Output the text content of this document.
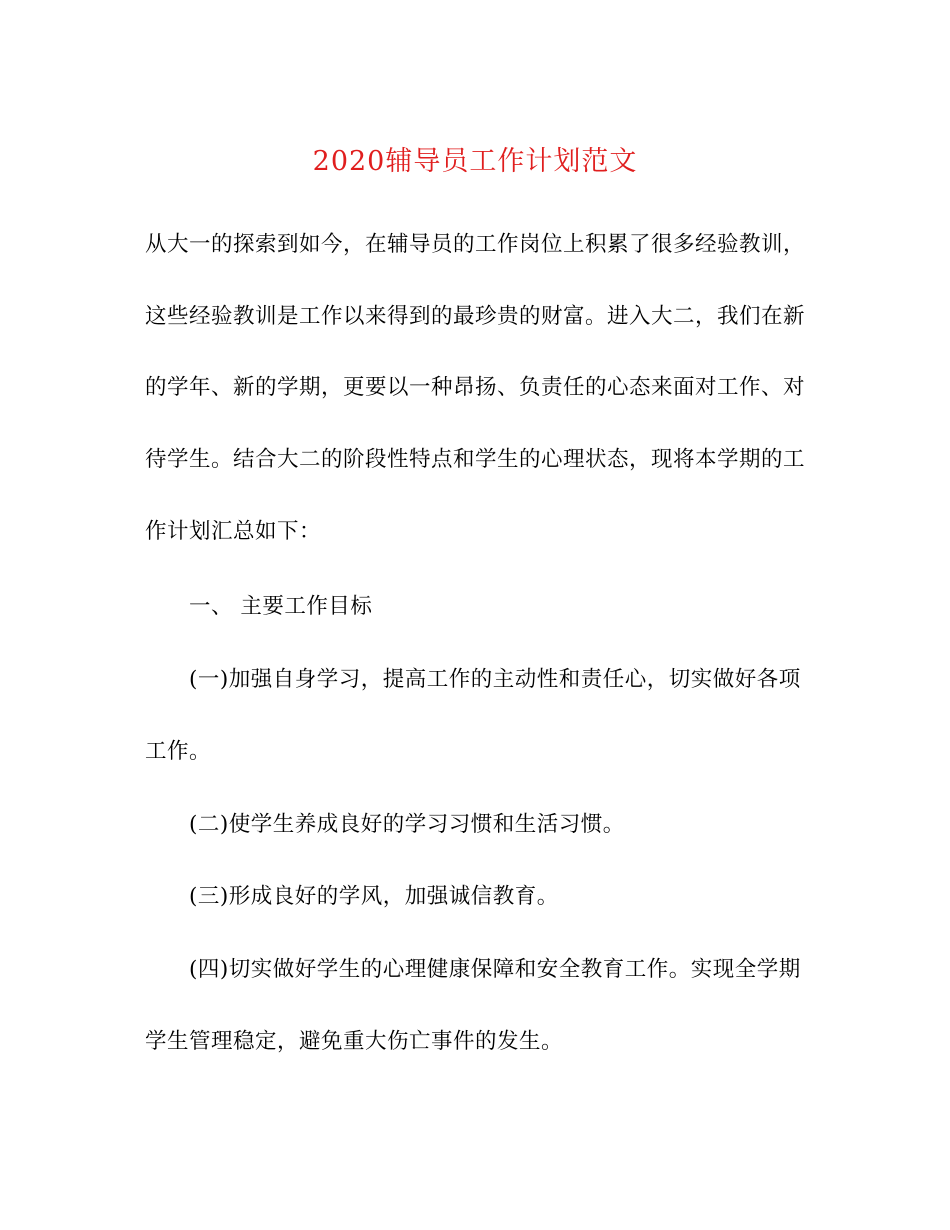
2020辅导员工作计划范文
从大一的探索到如今，在辅导员的工作岗位上积累了很多经验教训，
这些经验教训是工作以来得到的最珍贵的财富。进入大二，我们在新
的学年、新的学期，更要以一种昂扬、负责任的心态来面对工作、对
待学生。结合大二的阶段性特点和学生的心理状态，现将本学期的工
作计划汇总如下：
一、 主要工作目标
(一)加强自身学习，提高工作的主动性和责任心，切实做好各项
工作。
(二)使学生养成良好的学习习惯和生活习惯。
(三)形成良好的学风，加强诚信教育。
(四)切实做好学生的心理健康保障和安全教育工作。实现全学期
学生管理稳定，避免重大伤亡事件的发生。
